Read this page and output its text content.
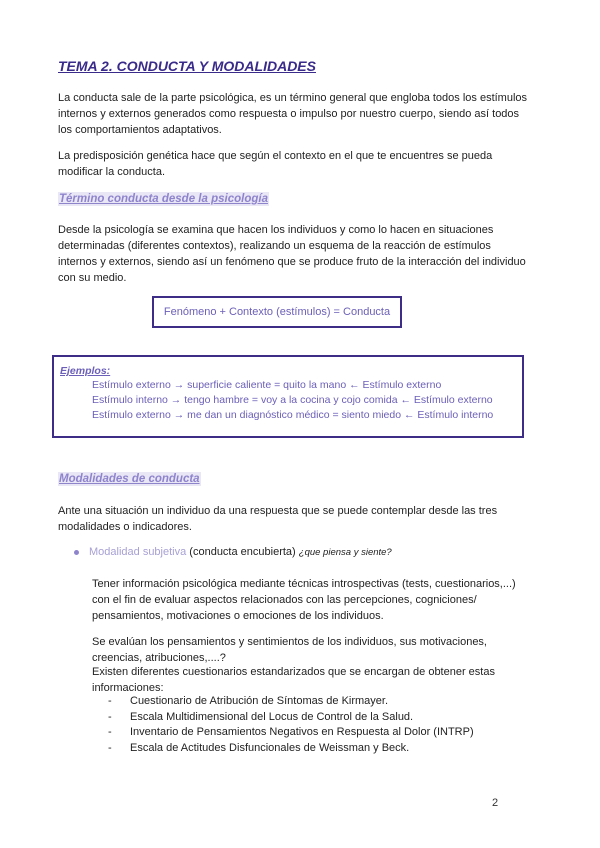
TEMA 2. CONDUCTA Y MODALIDADES

La conducta sale de la parte psicológica, es un término general que engloba todos los estímulos internos y externos generados como respuesta o impulso por nuestro cuerpo, siendo así todos los comportamientos adaptativos.

La predisposición genética hace que según el contexto en el que te encuentres se pueda modificar la conducta.

Término conducta desde la psicología

Desde la psicología se examina que hacen los individuos y como lo hacen en situaciones determinadas (diferentes contextos), realizando un esquema de la reacción de estímulos internos y externos, siendo así un fenómeno que se produce fruto de la interacción del individuo con su medio.

Fenómeno + Contexto (estímulos) = Conducta
Ejemplos:
Estímulo externo → superficie caliente = quito la mano ← Estímulo externo
Estímulo interno → tengo hambre = voy a la cocina y cojo comida ← Estímulo externo
Estímulo externo → me dan un diagnóstico médico = siento miedo ← Estímulo interno
Modalidades de conducta

Ante una situación un individuo da una respuesta que se puede contemplar desde las tres modalidades o indicadores.

Modalidad subjetiva (conducta encubierta) ¿que piensa y siente?

Tener información psicológica mediante técnicas introspectivas (tests, cuestionarios,...) con el fin de evaluar aspectos relacionados con las percepciones, cogniciones/ pensamientos, motivaciones o emociones de los individuos.

Se evalúan los pensamientos y sentimientos de los individuos, sus motivaciones, creencias, atribuciones,....?

Existen diferentes cuestionarios estandarizados que se encargan de obtener estas informaciones:

- Cuestionario de Atribución de Síntomas de Kirmayer.
- Escala Multidimensional del Locus de Control de la Salud.
- Inventario de Pensamientos Negativos en Respuesta al Dolor (INTRP)
- Escala de Actitudes Disfuncionales de Weissman y Beck.
2
